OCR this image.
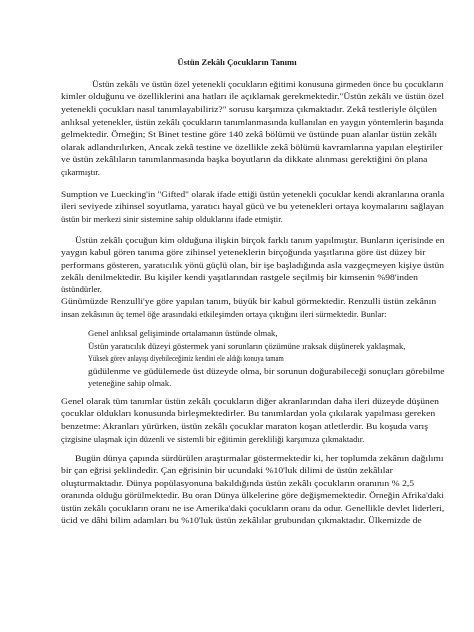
Üstün Zekâlı Çocukların Tanımı
Üstün zekâlı ve üstün özel yetenekli çocukların eğitimi konusuna girmeden önce bu çocukların
kimler olduğunu ve özelliklerini ana hatları ile açıklamak gerekmektedir."Üstün zekâlı ve üstün özel
yetenekli çocukları nasıl tanımlayabiliriz?" sorusu karşımıza çıkmaktadır. Zekâ testleriyle ölçülen
anlıksal yetenekler, üstün zekâlı çocukların tanımlanmasında kullanılan en yaygın yöntemlerin başında
gelmektedir. Örneğin; St Binet testine göre 140 zekâ bölümü ve üstünde puan alanlar üstün zekâlı
olarak adlandırılırken, Ancak zekâ testine ve özellikle zekâ bölümü kavramlarına yapılan eleştiriler
ve üstün zekâlıların tanımlanmasında başka boyutların da dikkate alınması gerektiğini ön plana
çıkarmıştır.
Sumption ve Luecking'in "Gifted" olarak ifade ettiği üstün yetenekli çocuklar kendi akranlarına oranla
ileri seviyede zihinsel soyutlama, yaratıcı hayal gücü ve bu yetenekleri ortaya koymalarını sağlayan
üstün bir merkezi sinir sistemine sahip olduklarını ifade etmiştir.
Üstün zekâlı çocuğun kim olduğuna ilişkin birçok farklı tanım yapılmıştır. Bunların içerisinde en
yaygın kabul gören tanıma göre zihinsel yeteneklerin birçoğunda yaşıtlarına göre üst düzey bir
performans gösteren, yaratıcılık yönü güçlü olan, bir işe başladığında asla vazgeçmeyen kişiye üstün
zekâlı denilmektedir. Bu kişiler kendi yaşıtlarından rastgele seçilmiş bir kimsenin %98'inden
üstündürler.
Günümüzde Renzulli'ye göre yapılan tanım, büyük bir kabul görmektedir. Renzulli üstün zekânın
insan zekâsının üç temel öğe arasındaki etkileşimden ortaya çıktığını ileri sürmektedir. Bunlar:
Genel anlıksal gelişiminde ortalamanın üstünde olmak,
Üstün yaratıcılık düzeyi göstermek yani sorunların çözümüne ıraksak düşünerek yaklaşmak,
Yüksek görev anlayışı diyebileceğimiz kendini ele aldığı konuya tamam
güdülenme ve güdülemede üst düzeyde olma, bir sorunun doğurabileceği sonuçları görebilme
yeteneğine sahip olmak.
Genel olarak tüm tanımlar üstün zekâlı çocukların diğer akranlarından daha ileri düzeyde düşünen
çocuklar oldukları konusunda birleşmektedirler. Bu tanımlardan yola çıkılarak yapılması gereken
benzetme: Akranları yürürken, üstün zekâlı çocuklar maraton koşan atletlerdir. Bu koşuda varış
çizgisine ulaşmak için düzenli ve sistemli bir eğitimin gerekliliği karşımıza çıkmaktadır.
Bugün dünya çapında sürdürülen araştırmalar göstermektedir ki, her toplumda zekânın dağılımı
bir çan eğrisi şeklindedir. Çan eğrisinin bir ucundaki %10'luk dilimi de üstün zekâlılar
oluşturmaktadır. Dünya popülasyonuna bakıldığında üstün zekâlı çocukların oranının % 2,5
oranında olduğu görülmektedir. Bu oran Dünya ülkelerine göre değişmemektedir. Örneğin Afrika'daki
üstün zekâlı çocukların oranı ne ise Amerika'daki çocukların oranı da odur. Genellikle devlet liderleri,
ücid ve dâhi bilim adamları bu %10'luk üstün zekâlılar grubundan çıkmaktadır. Ülkemizde de
